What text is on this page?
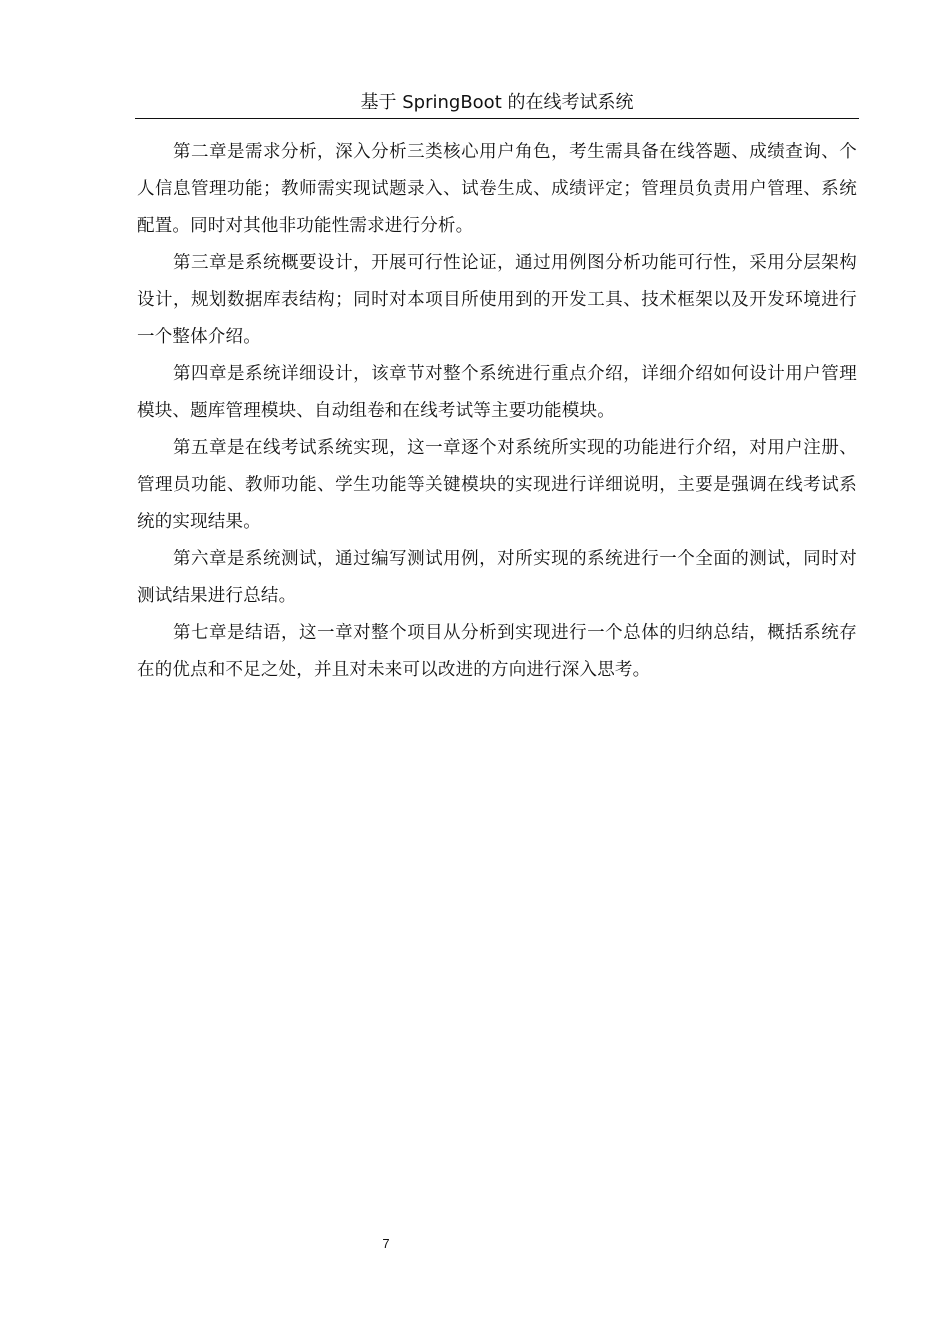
基于 SpringBoot 的在线考试系统

第二章是需求分析，深入分析三类核心用户角色，考生需具备在线答题、成绩查询、个人信息管理功能；教师需实现试题录入、试卷生成、成绩评定；管理员负责用户管理、系统配置。同时对其他非功能性需求进行分析。

第三章是系统概要设计，开展可行性论证，通过用例图分析功能可行性，采用分层架构设计，规划数据库表结构；同时对本项目所使用到的开发工具、技术框架以及开发环境进行一个整体介绍。

第四章是系统详细设计，该章节对整个系统进行重点介绍，详细介绍如何设计用户管理模块、题库管理模块、自动组卷和在线考试等主要功能模块。

第五章是在线考试系统实现，这一章逐个对系统所实现的功能进行介绍，对用户注册、管理员功能、教师功能、学生功能等关键模块的实现进行详细说明，主要是强调在线考试系统的实现结果。

第六章是系统测试，通过编写测试用例，对所实现的系统进行一个全面的测试，同时对测试结果进行总结。

第七章是结语，这一章对整个项目从分析到实现进行一个总体的归纳总结，概括系统存在的优点和不足之处，并且对未来可以改进的方向进行深入思考。

7
